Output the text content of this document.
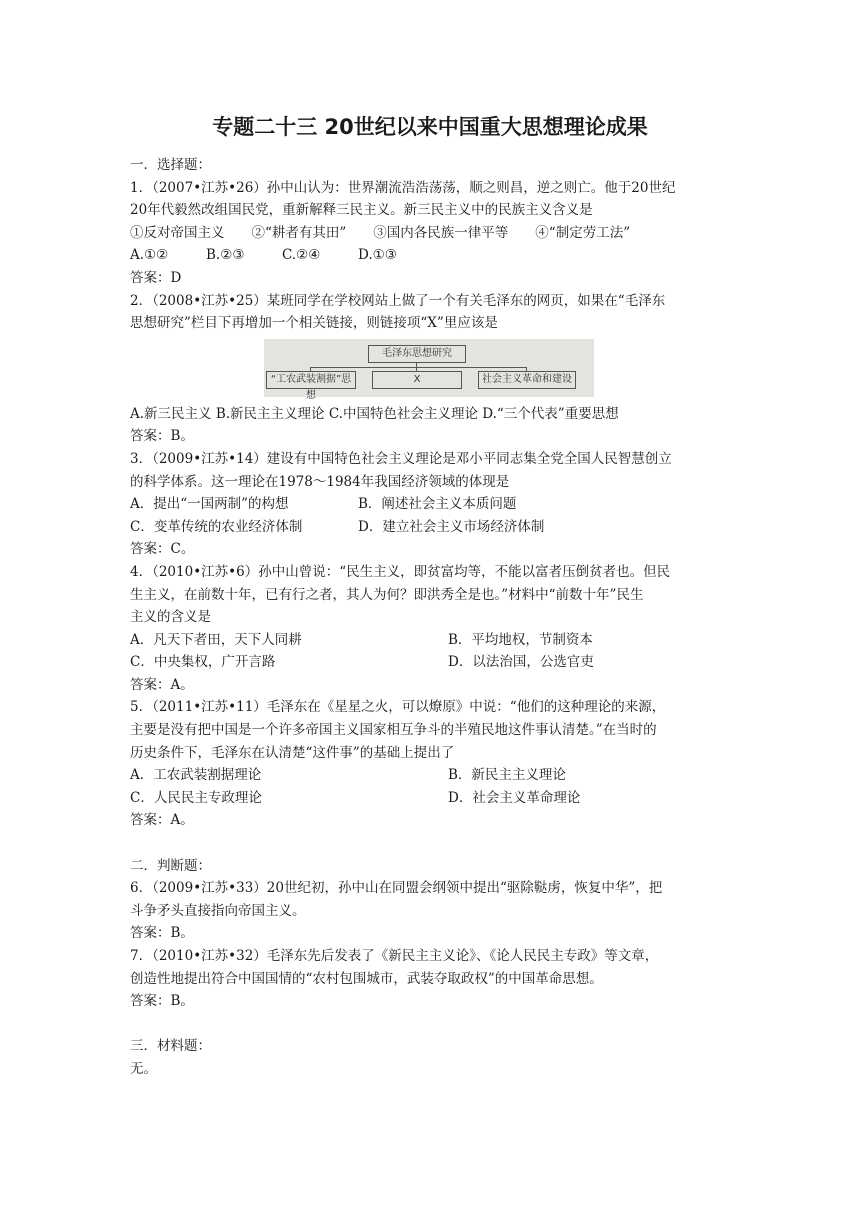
专题二十三 20世纪以来中国重大思想理论成果

一．选择题：

1．（2007•江苏•26）孙中山认为：世界潮流浩浩荡荡，顺之则昌，逆之则亡。他于20世纪

20年代毅然改组国民党，重新解释三民主义。新三民主义中的民族主义含义是

①反对帝国主义　　②“耕者有其田”　　③国内各民族一律平等　　④“制定劳工法”

A.①②	B.②③	C.②④	D.①③

答案：D

2．（2008•江苏•25）某班同学在学校网站上做了一个有关毛泽东的网页，如果在“毛泽东

思想研究”栏目下再增加一个相关链接，则链接项“X”里应该是

毛泽东思想研究
“工农武装割据”思想
X	社会主义革命和建设

A.新三民主义 B.新民主主义理论 C.中国特色社会主义理论 D.“三个代表”重要思想

答案：B。

3．（2009•江苏•14）建设有中国特色社会主义理论是邓小平同志集全党全国人民智慧创立

的科学体系。这一理论在1978～1984年我国经济领域的体现是

A．提出“一国两制”的构想	B．阐述社会主义本质问题
C．变革传统的农业经济体制	D．建立社会主义市场经济体制

答案：C。

4．（2010•江苏•6）孙中山曾说：“民生主义，即贫富均等，不能以富者压倒贫者也。但民

生主义，在前数十年，已有行之者，其人为何？即洪秀全是也。”材料中“前数十年”民生

主义的含义是

A．凡天下者田，天下人同耕	B．平均地权，节制资本
C．中央集权，广开言路	D．以法治国，公选官吏

答案：A。

5．（2011•江苏•11）毛泽东在《星星之火，可以燎原》中说：“他们的这种理论的来源，

主要是没有把中国是一个许多帝国主义国家相互争斗的半殖民地这件事认清楚。”在当时的

历史条件下，毛泽东在认清楚“这件事”的基础上提出了

A．工农武装割据理论	B．新民主主义理论
C．人民民主专政理论	D．社会主义革命理论

答案：A。

二．判断题：

6．（2009•江苏•33）20世纪初，孙中山在同盟会纲领中提出“驱除鞑虏，恢复中华”，把

斗争矛头直接指向帝国主义。

答案：B。

7．（2010•江苏•32）毛泽东先后发表了《新民主主义论》、《论人民民主专政》等文章，

创造性地提出符合中国国情的“农村包围城市，武装夺取政权”的中国革命思想。

答案：B。

三．材料题：

无。
